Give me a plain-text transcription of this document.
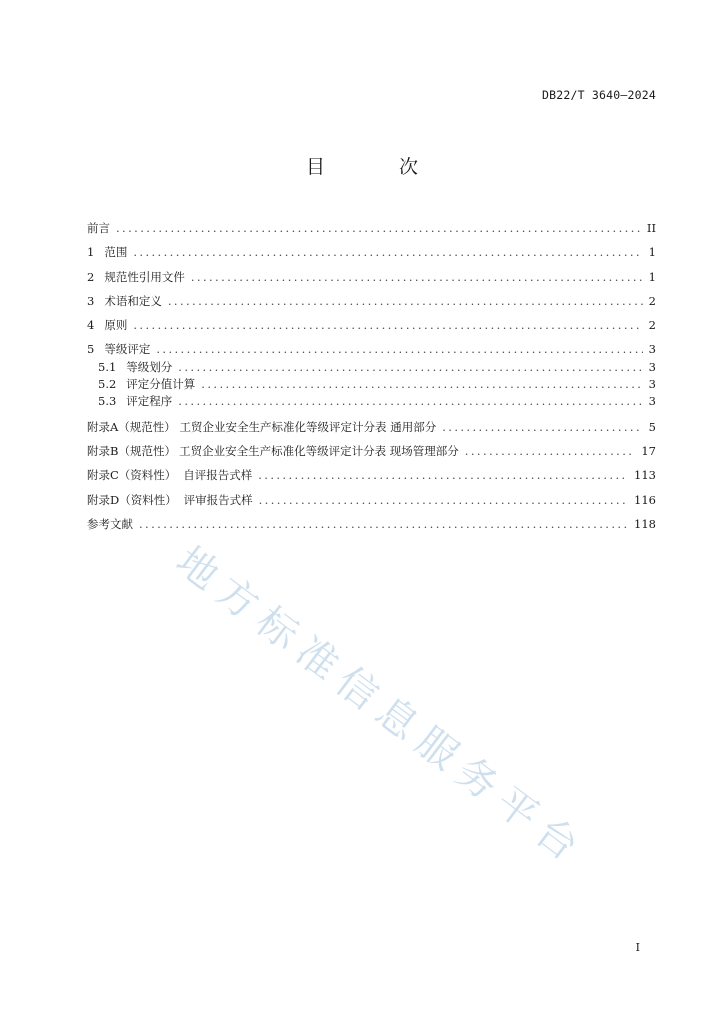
DB22/T 3640—2024
目 次
前言 .....	II
1 范围 .....	1
2 规范性引用文件 .....	1
3 术语和定义 .....	2
4 原则 .....	2
5 等级评定 .....	3
5.1 等级划分 .....	3
5.2 评定分值计算 .....	3
5.3 评定程序 .....	3
附录A（规范性） 工贸企业安全生产标准化等级评定计分表 通用部分 .....	5
附录B（规范性） 工贸企业安全生产标准化等级评定计分表 现场管理部分 .....	17
附录C（资料性） 自评报告式样 .....	113
附录D（资料性） 评审报告式样 .....	116
参考文献 .....	118
地方标准信息服务平台
I
